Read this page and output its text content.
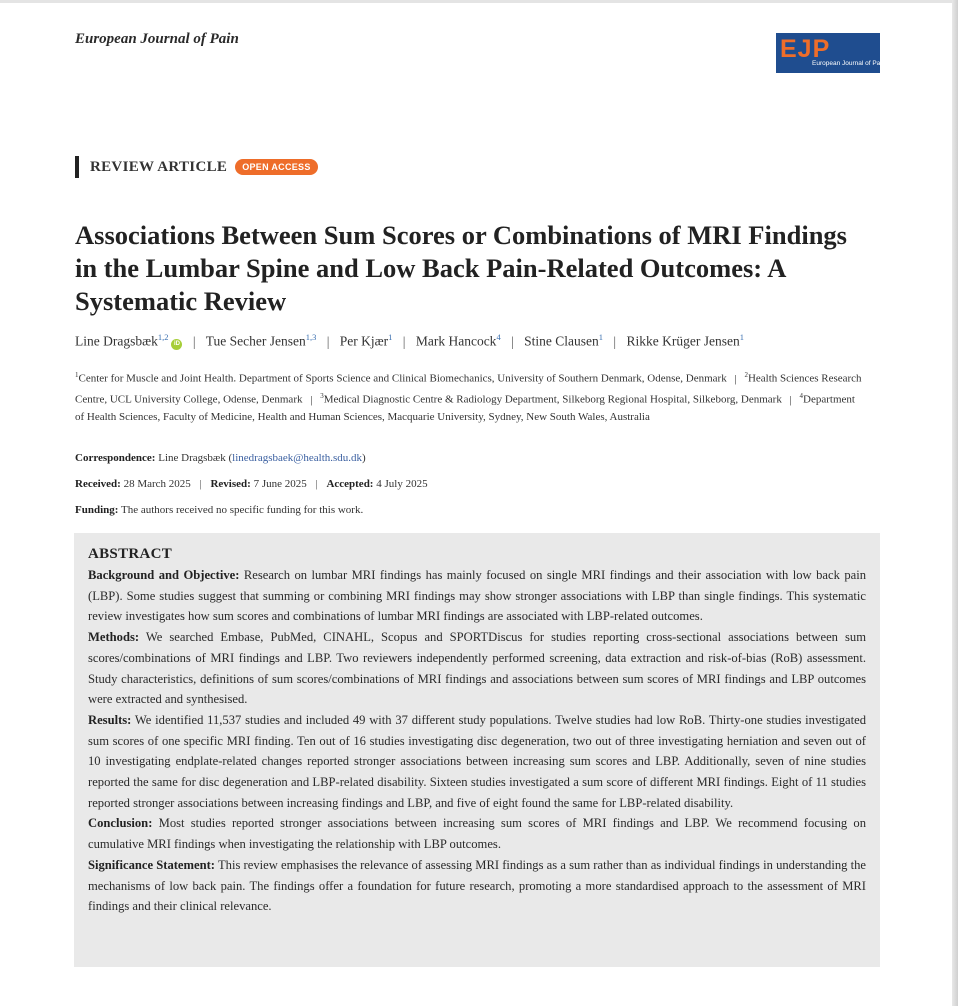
European Journal of Pain	EJP
European Journal of Pain
REVIEW ARTICLE	OPEN ACCESS
Associations Between Sum Scores or Combinations of MRI Findings in the Lumbar Spine and Low Back Pain-Related Outcomes: A Systematic Review
Line Dragsbæk$^{1,2}$iD | Tue Secher Jensen$^{1,3}$ | Per Kjær$^1$ | Mark Hancock$^4$ | Stine Clausen$^1$ | Rikke Krüger Jensen$^1$
$^1$Center for Muscle and Joint Health. Department of Sports Science and Clinical Biomechanics, University of Southern Denmark, Odense, Denmark | $^2$Health Sciences Research Centre, UCL University College, Odense, Denmark | $^3$Medical Diagnostic Centre & Radiology Department, Silkeborg Regional Hospital, Silkeborg, Denmark | $^4$Department of Health Sciences, Faculty of Medicine, Health and Human Sciences, Macquarie University, Sydney, New South Wales, Australia
Correspondence: Line Dragsbæk (linedragsbaek@health.sdu.dk)
Received: 28 March 2025 | Revised: 7 June 2025 | Accepted: 4 July 2025
Funding: The authors received no specific funding for this work.
ABSTRACT

Background and Objective: Research on lumbar MRI findings has mainly focused on single MRI findings and their association with low back pain (LBP). Some studies suggest that summing or combining MRI findings may show stronger associations with LBP than single findings. This systematic review investigates how sum scores and combinations of lumbar MRI findings are associated with LBP-related outcomes.

Methods: We searched Embase, PubMed, CINAHL, Scopus and SPORTDiscus for studies reporting cross-sectional associations between sum scores/combinations of MRI findings and LBP. Two reviewers independently performed screening, data extraction and risk-of-bias (RoB) assessment. Study characteristics, definitions of sum scores/combinations of MRI findings and associations between sum scores of MRI findings and LBP outcomes were extracted and synthesised.

Results: We identified 11,537 studies and included 49 with 37 different study populations. Twelve studies had low RoB. Thirty-one studies investigated sum scores of one specific MRI finding. Ten out of 16 studies investigating disc degeneration, two out of three investigating herniation and seven out of 10 investigating endplate-related changes reported stronger associations between increasing sum scores and LBP. Additionally, seven of nine studies reported the same for disc degeneration and LBP-related disability. Sixteen studies investigated a sum score of different MRI findings. Eight of 11 studies reported stronger associations between increasing findings and LBP, and five of eight found the same for LBP-related disability.

Conclusion: Most studies reported stronger associations between increasing sum scores of MRI findings and LBP. We recommend focusing on cumulative MRI findings when investigating the relationship with LBP outcomes.

Significance Statement: This review emphasises the relevance of assessing MRI findings as a sum rather than as individual findings in understanding the mechanisms of low back pain. The findings offer a foundation for future research, promoting a more standardised approach to the assessment of MRI findings and their clinical relevance.
